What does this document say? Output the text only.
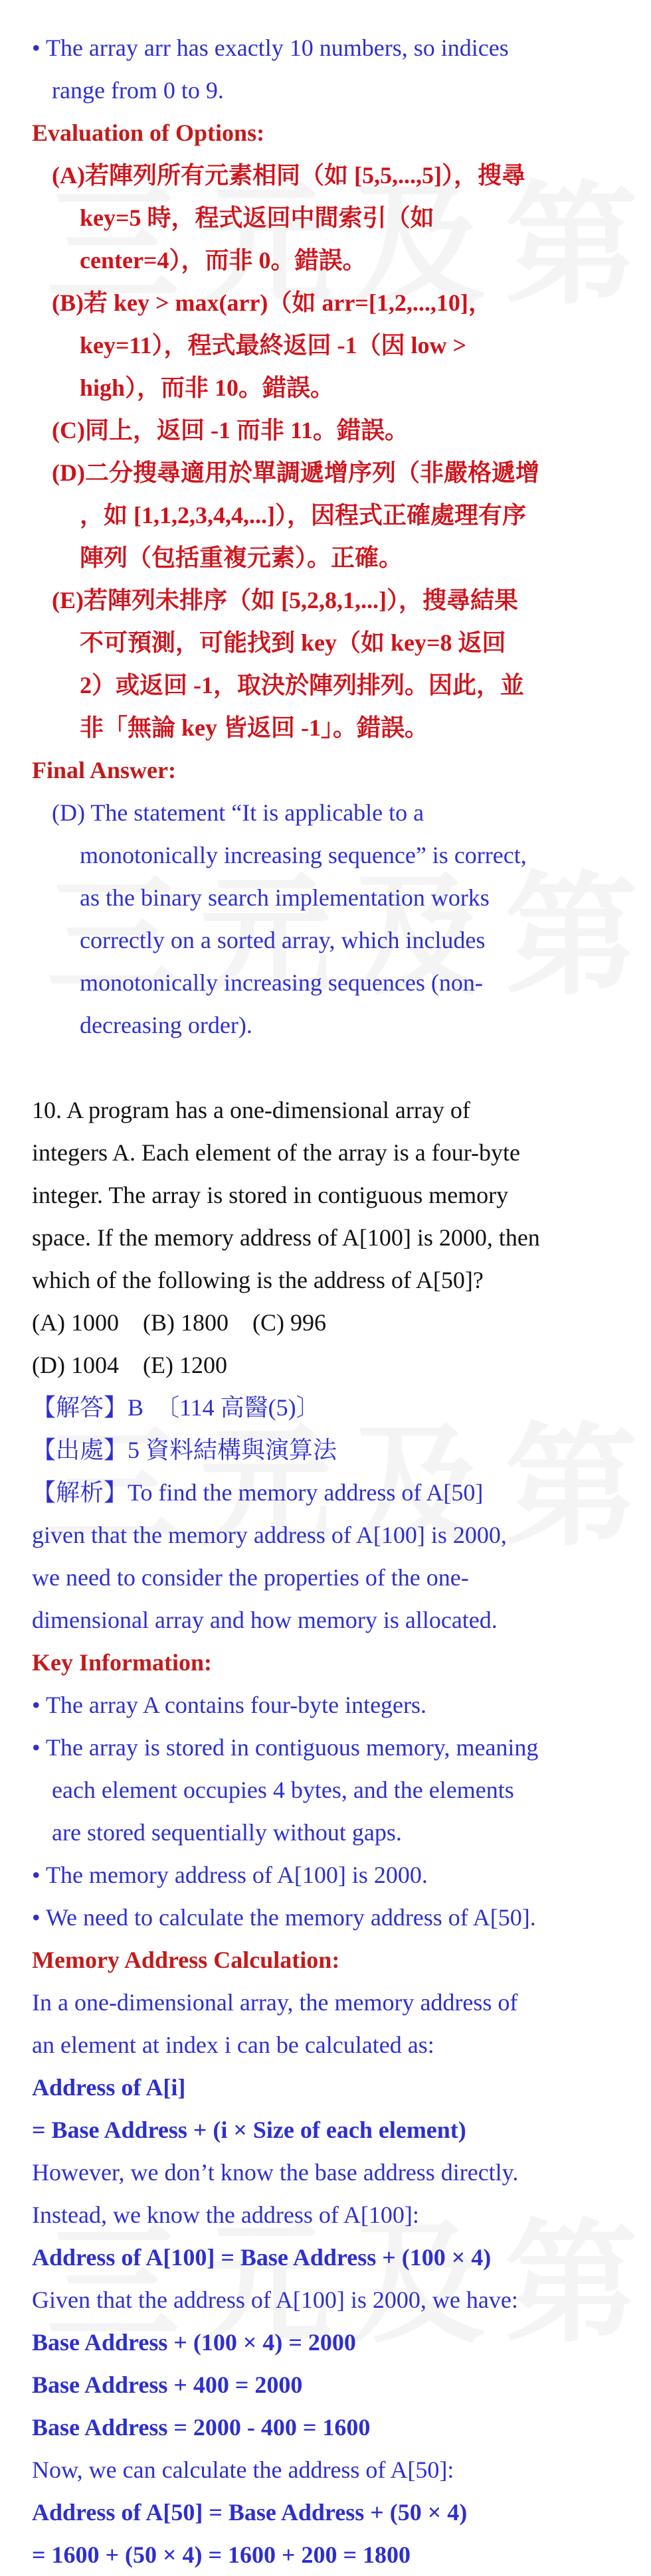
• The array arr has exactly 10 numbers, so indices
range from 0 to 9.
Evaluation of Options:
(A)若陣列所有元素相同（如 [5,5,...,5]），搜尋
key=5 時，程式返回中間索引（如
center=4），而非 0。錯誤。
(B)若 key > max(arr)（如 arr=[1,2,...,10]，
key=11），程式最終返回 -1（因 low >
high），而非 10。錯誤。
(C)同上，返回 -1 而非 11。錯誤。
(D)二分搜尋適用於單調遞增序列（非嚴格遞增
，如 [1,1,2,3,4,4,...]），因程式正確處理有序
陣列（包括重複元素）。正確。
(E)若陣列未排序（如 [5,2,8,1,...]），搜尋結果
不可預測，可能找到 key（如 key=8 返回
2）或返回 -1，取決於陣列排列。因此，並
非「無論 key 皆返回 -1」。錯誤。
Final Answer:
(D) The statement “It is applicable to a
monotonically increasing sequence” is correct,
as the binary search implementation works
correctly on a sorted array, which includes
monotonically increasing sequences (non-
decreasing order).
10. A program has a one-dimensional array of
integers A. Each element of the array is a four-byte
integer. The array is stored in contiguous memory
space. If the memory address of A[100] is 2000, then
which of the following is the address of A[50]?
(A) 1000    (B) 1800    (C) 996
(D) 1004    (E) 1200
【解答】B  〔114 高醫(5)〕
【出處】5 資料結構與演算法
【解析】To find the memory address of A[50]
given that the memory address of A[100] is 2000,
we need to consider the properties of the one-
dimensional array and how memory is allocated.
Key Information:
• The array A contains four-byte integers.
• The array is stored in contiguous memory, meaning
each element occupies 4 bytes, and the elements
are stored sequentially without gaps.
• The memory address of A[100] is 2000.
• We need to calculate the memory address of A[50].
Memory Address Calculation:
In a one-dimensional array, the memory address of
an element at index i can be calculated as:
Address of A[i]
= Base Address + (i × Size of each element)
However, we don’t know the base address directly.
Instead, we know the address of A[100]:
Address of A[100] = Base Address + (100 × 4)
Given that the address of A[100] is 2000, we have:
Base Address + (100 × 4) = 2000
Base Address + 400 = 2000
Base Address = 2000 - 400 = 1600
Now, we can calculate the address of A[50]:
Address of A[50] = Base Address + (50 × 4)
= 1600 + (50 × 4) = 1600 + 200 = 1800
